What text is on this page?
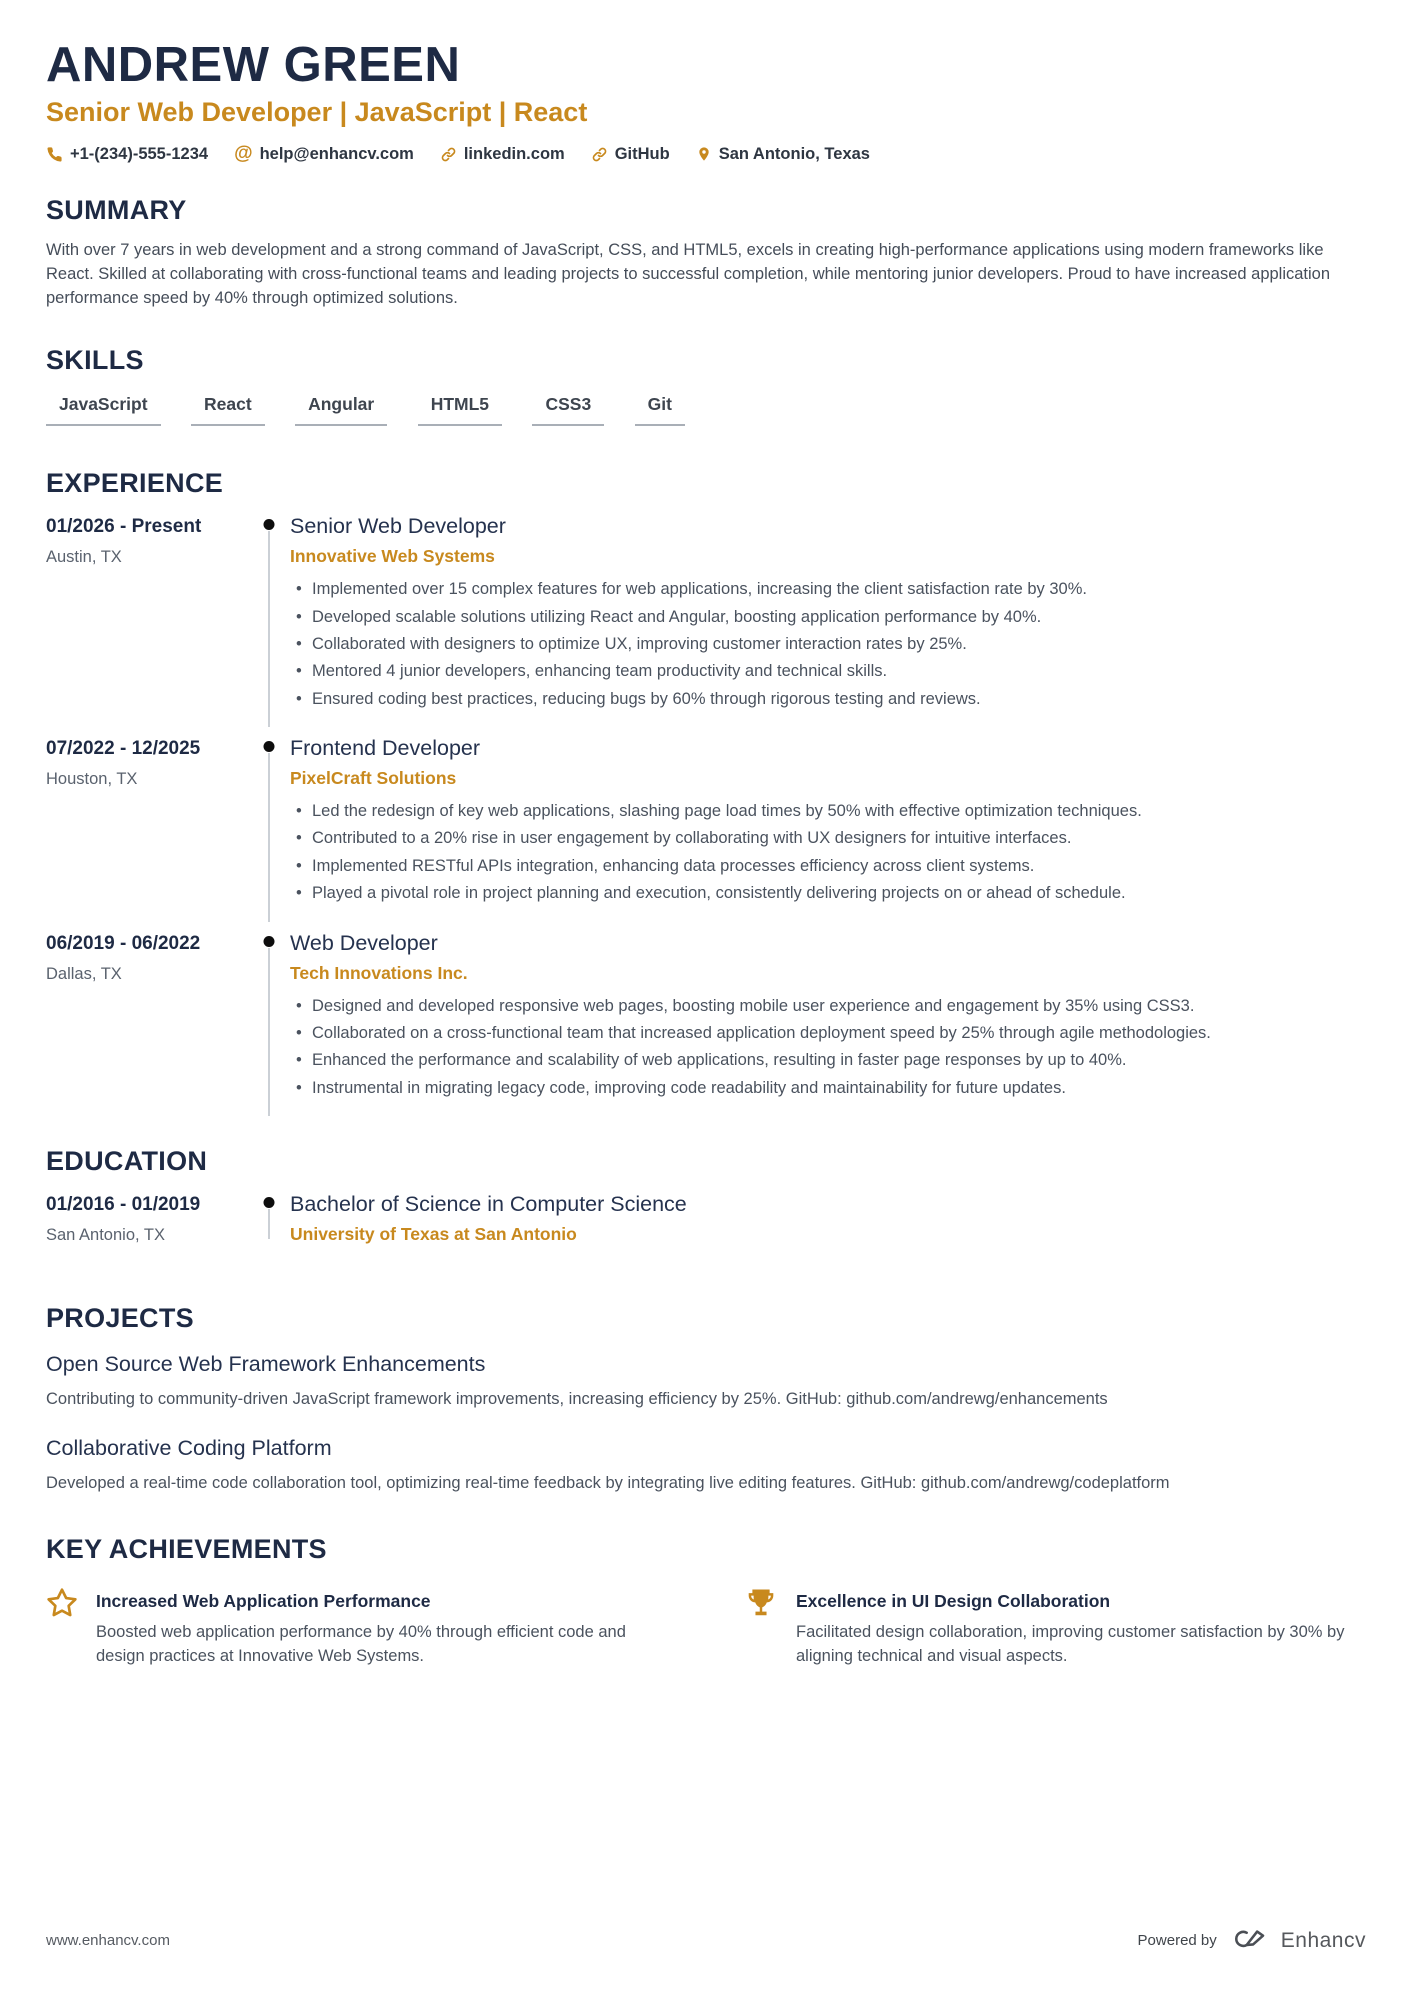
ANDREW GREEN
Senior Web Developer | JavaScript | React
+1-(234)-555-1234 @ help@enhancv.com	linkedin.com	GitHub	San Antonio, Texas
SUMMARY
With over 7 years in web development and a strong command of JavaScript, CSS, and HTML5, excels in creating high-performance applications using modern frameworks like React. Skilled at collaborating with cross-functional teams and leading projects to successful completion, while mentoring junior developers. Proud to have increased application performance speed by 40% through optimized solutions.
SKILLS
JavaScript	React	Angular	HTML5	CSS3	Git
EXPERIENCE
01/2026 - Present
Austin, TX
Senior Web Developer
Innovative Web Systems
• Implemented over 15 complex features for web applications, increasing the client satisfaction rate by 30%.
• Developed scalable solutions utilizing React and Angular, boosting application performance by 40%.
• Collaborated with designers to optimize UX, improving customer interaction rates by 25%.
• Mentored 4 junior developers, enhancing team productivity and technical skills.
• Ensured coding best practices, reducing bugs by 60% through rigorous testing and reviews.
07/2022 - 12/2025
Houston, TX
Frontend Developer
PixelCraft Solutions
• Led the redesign of key web applications, slashing page load times by 50% with effective optimization techniques.
• Contributed to a 20% rise in user engagement by collaborating with UX designers for intuitive interfaces.
• Implemented RESTful APIs integration, enhancing data processes efficiency across client systems.
• Played a pivotal role in project planning and execution, consistently delivering projects on or ahead of schedule.
06/2019 - 06/2022
Dallas, TX
Web Developer
Tech Innovations Inc.
• Designed and developed responsive web pages, boosting mobile user experience and engagement by 35% using CSS3.
• Collaborated on a cross-functional team that increased application deployment speed by 25% through agile methodologies.
• Enhanced the performance and scalability of web applications, resulting in faster page responses by up to 40%.
• Instrumental in migrating legacy code, improving code readability and maintainability for future updates.
EDUCATION
01/2016 - 01/2019
San Antonio, TX
Bachelor of Science in Computer Science
University of Texas at San Antonio
PROJECTS
Open Source Web Framework Enhancements
Contributing to community-driven JavaScript framework improvements, increasing efficiency by 25%. GitHub: github.com/andrewg/enhancements
Collaborative Coding Platform
Developed a real-time code collaboration tool, optimizing real-time feedback by integrating live editing features. GitHub: github.com/andrewg/codeplatform
KEY ACHIEVEMENTS
Increased Web Application Performance
Boosted web application performance by 40% through efficient code and design practices at Innovative Web Systems.
Excellence in UI Design Collaboration
Facilitated design collaboration, improving customer satisfaction by 30% by aligning technical and visual aspects.
www.enhancv.com	Powered by	Enhancv
